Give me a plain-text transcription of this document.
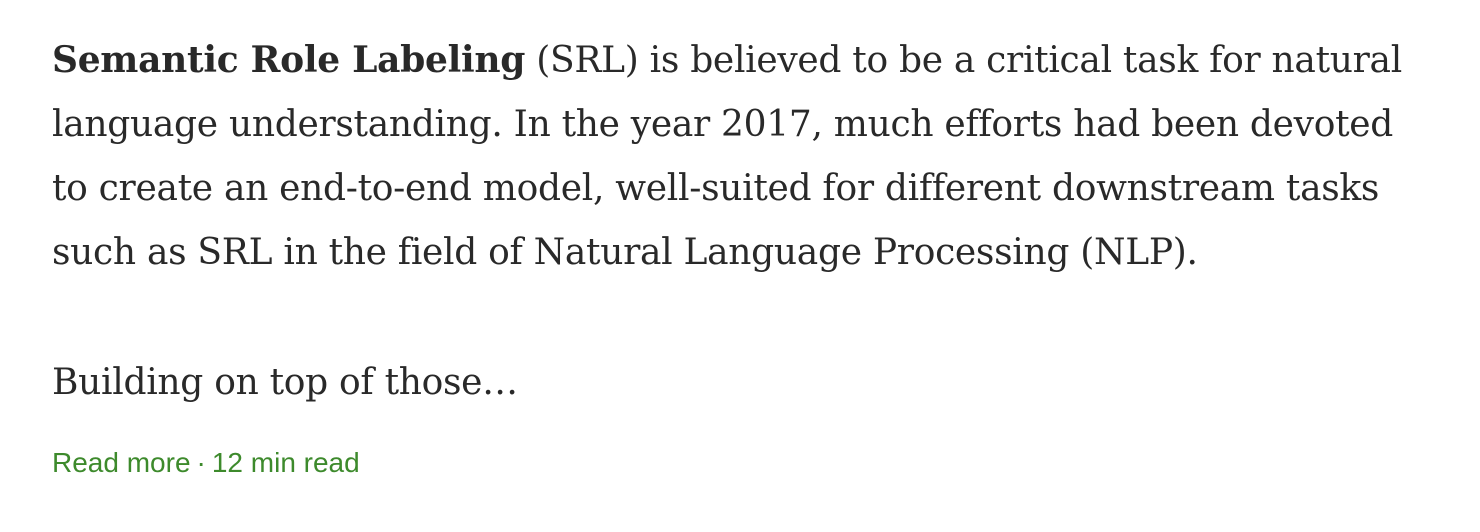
Semantic Role Labeling (SRL) is believed to be a critical task for natural language understanding. In the year 2017, much efforts had been devoted to create an end-to-end model, well-suited for different downstream tasks such as SRL in the field of Natural Language Processing (NLP).

Building on top of those…

Read more · 12 min read
